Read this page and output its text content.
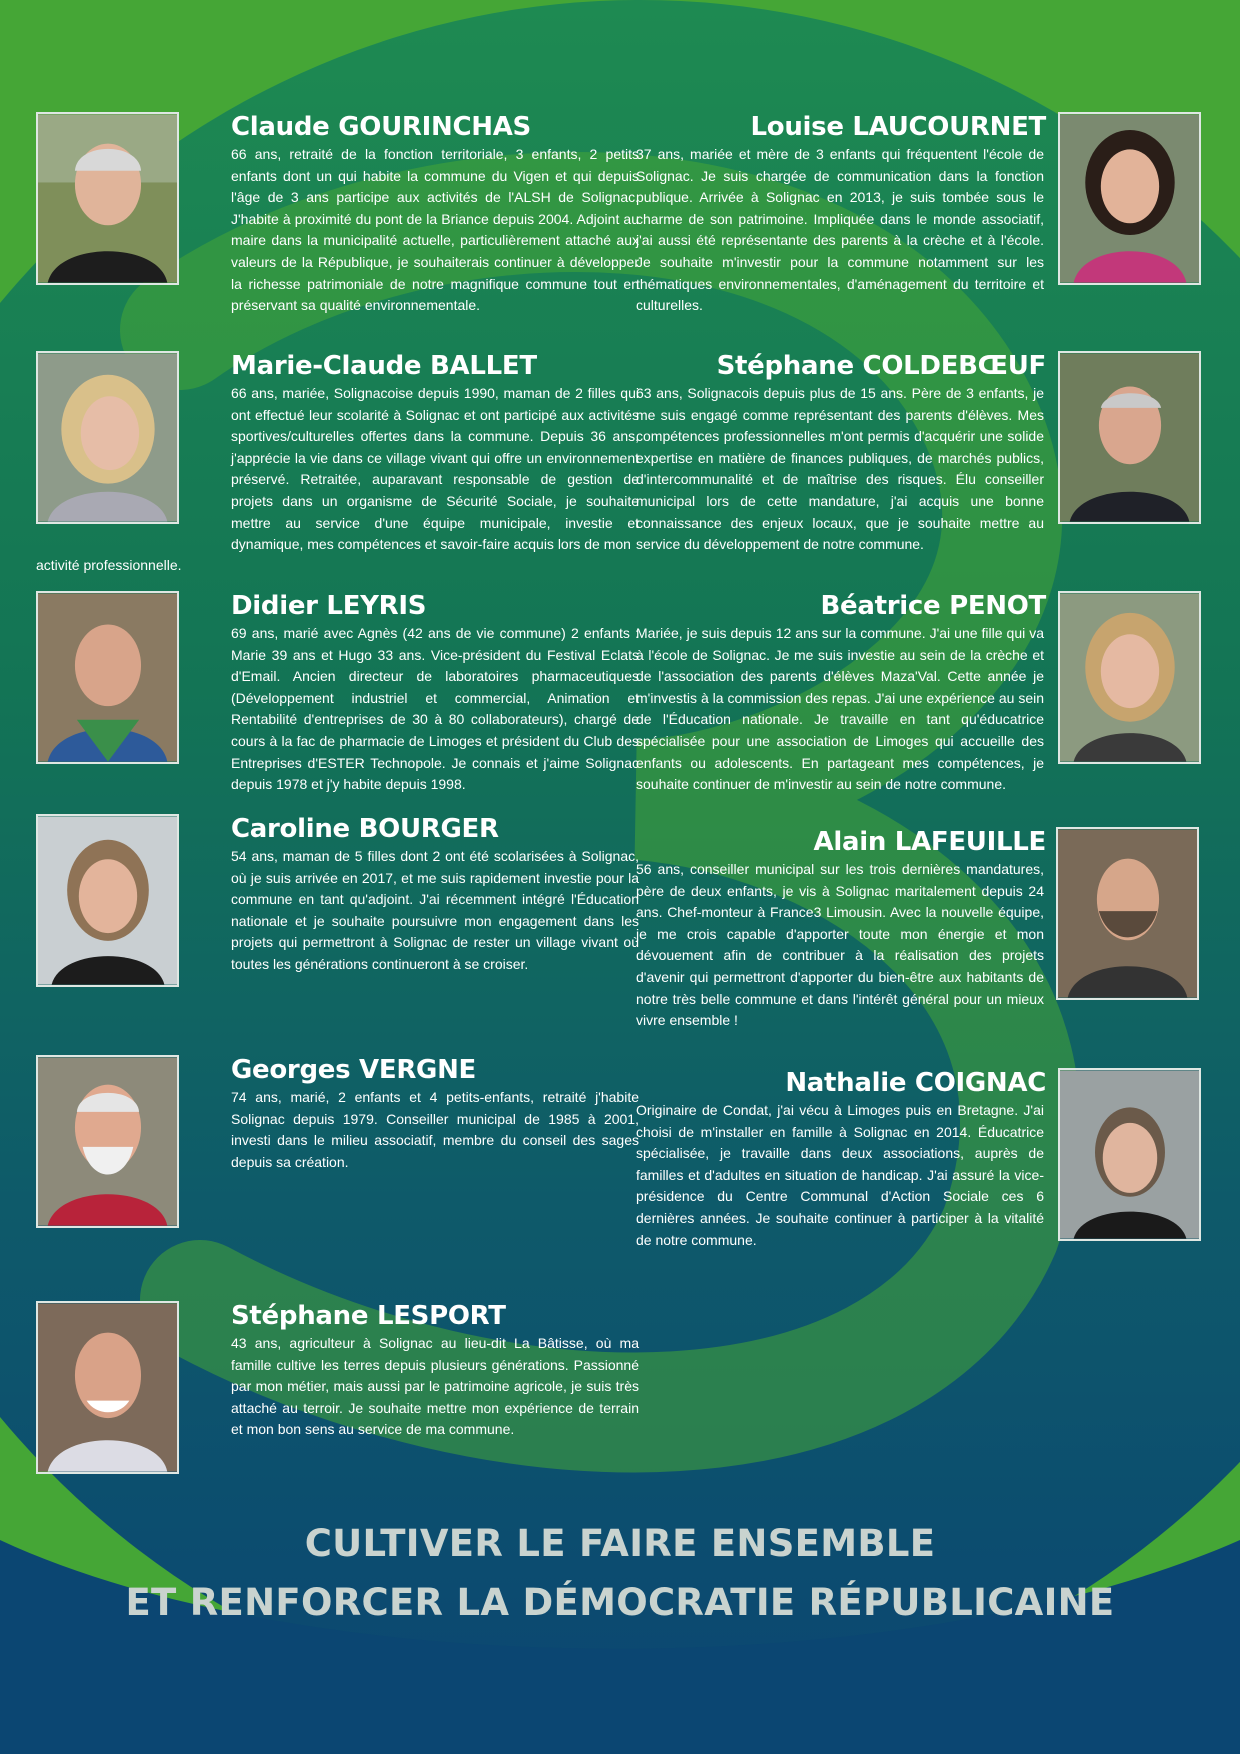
Claude GOURINCHAS

66 ans, retraité de la fonction territoriale, 3 enfants, 2 petits enfants dont un qui habite la commune du Vigen et qui depuis l'âge de 3 ans participe aux activités de l'ALSH de Solignac. J'habite à proximité du pont de la Briance depuis 2004. Adjoint au maire dans la municipalité actuelle, particulièrement attaché aux valeurs de la République, je souhaiterais continuer à développer la richesse patrimoniale de notre magnifique commune tout en préservant sa qualité environnementale.

Louise LAUCOURNET

37 ans, mariée et mère de 3 enfants qui fréquentent l'école de Solignac. Je suis chargée de communication dans la fonction publique. Arrivée à Solignac en 2013, je suis tombée sous le charme de son patrimoine. Impliquée dans le monde associatif, j'ai aussi été représentante des parents à la crèche et à l'école. Je souhaite m'investir pour la commune notamment sur les thématiques environnementales, d'aménagement du territoire et culturelles.

Marie-Claude BALLET

66 ans, mariée, Solignacoise depuis 1990, maman de 2 filles qui ont effectué leur scolarité à Solignac et ont participé aux activités sportives/culturelles offertes dans la commune. Depuis 36 ans, j'apprécie la vie dans ce village vivant qui offre un environnement préservé. Retraitée, auparavant responsable de gestion de projets dans un organisme de Sécurité Sociale, je souhaite mettre au service d'une équipe municipale, investie et dynamique, mes compétences et savoir-faire acquis lors de mon

activité professionnelle.

Stéphane COLDEBŒUF

63 ans, Solignacois depuis plus de 15 ans. Père de 3 enfants, je me suis engagé comme représentant des parents d'élèves. Mes compétences professionnelles m'ont permis d'acquérir une solide expertise en matière de finances publiques, de marchés publics, d'intercommunalité et de maîtrise des risques. Élu conseiller municipal lors de cette mandature, j'ai acquis une bonne connaissance des enjeux locaux, que je souhaite mettre au service du développement de notre commune.

Didier LEYRIS

69 ans, marié avec Agnès (42 ans de vie commune) 2 enfants : Marie 39 ans et Hugo 33 ans. Vice-président du Festival Eclats d'Email. Ancien directeur de laboratoires pharmaceutiques (Développement industriel et commercial, Animation et Rentabilité d'entreprises de 30 à 80 collaborateurs), chargé de cours à la fac de pharmacie de Limoges et président du Club des Entreprises d'ESTER Technopole. Je connais et j'aime Solignac depuis 1978 et j'y habite depuis 1998.

Béatrice PENOT

Mariée, je suis depuis 12 ans sur la commune. J'ai une fille qui va à l'école de Solignac. Je me suis investie au sein de la crèche et de l'association des parents d'élèves Maza'Val. Cette année je m'investis à la commission des repas. J'ai une expérience au sein de l'Éducation nationale. Je travaille en tant qu'éducatrice spécialisée pour une association de Limoges qui accueille des enfants ou adolescents. En partageant mes compétences, je souhaite continuer de m'investir au sein de notre commune.

Caroline BOURGER

54 ans, maman de 5 filles dont 2 ont été scolarisées à Solignac, où je suis arrivée en 2017, et me suis rapidement investie pour la commune en tant qu'adjoint. J'ai récemment intégré l'Éducation nationale et je souhaite poursuivre mon engagement dans les projets qui permettront à Solignac de rester un village vivant où toutes les générations continueront à se croiser.

Alain LAFEUILLE

56 ans, conseiller municipal sur les trois dernières mandatures, père de deux enfants, je vis à Solignac maritalement depuis 24 ans. Chef-monteur à France3 Limousin. Avec la nouvelle équipe, je me crois capable d'apporter toute mon énergie et mon dévouement afin de contribuer à la réalisation des projets d'avenir qui permettront d'apporter du bien-être aux habitants de notre très belle commune et dans l'intérêt général pour un mieux vivre ensemble !

Georges VERGNE

74 ans, marié, 2 enfants et 4 petits-enfants, retraité j'habite Solignac depuis 1979. Conseiller municipal de 1985 à 2001, investi dans le milieu associatif, membre du conseil des sages depuis sa création.

Nathalie COIGNAC

Originaire de Condat, j'ai vécu à Limoges puis en Bretagne. J'ai choisi de m'installer en famille à Solignac en 2014. Éducatrice spécialisée, je travaille dans deux associations, auprès de familles et d'adultes en situation de handicap. J'ai assuré la vice-présidence du Centre Communal d'Action Sociale ces 6 dernières années. Je souhaite continuer à participer à la vitalité de notre commune.

Stéphane LESPORT

43 ans, agriculteur à Solignac au lieu-dit La Bâtisse, où ma famille cultive les terres depuis plusieurs générations. Passionné par mon métier, mais aussi par le patrimoine agricole, je suis très attaché au terroir. Je souhaite mettre mon expérience de terrain et mon bon sens au service de ma commune.

CULTIVER LE FAIRE ENSEMBLE
ET RENFORCER LA DÉMOCRATIE RÉPUBLICAINE
